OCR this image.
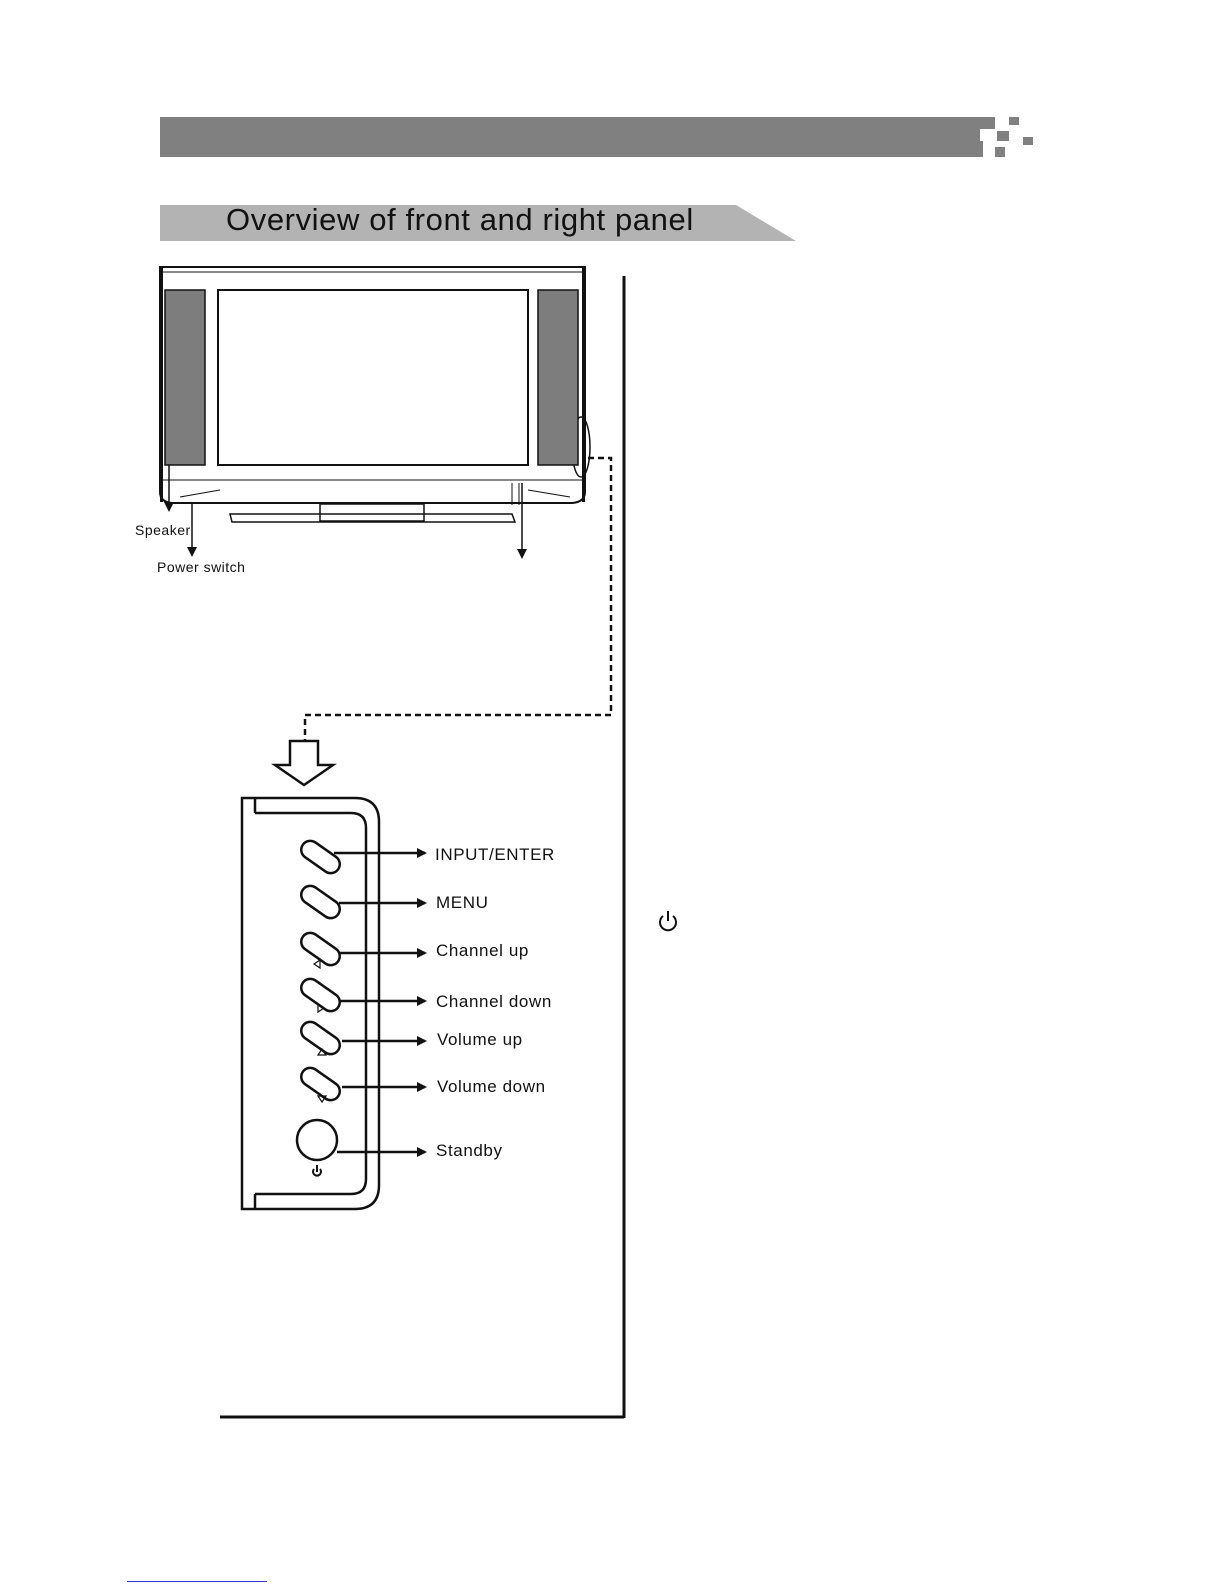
Overview of front and right panel
Speaker
Power switch
INPUT/ENTER
MENU
Channel up
Channel down
Volume up
Volume down
Standby
